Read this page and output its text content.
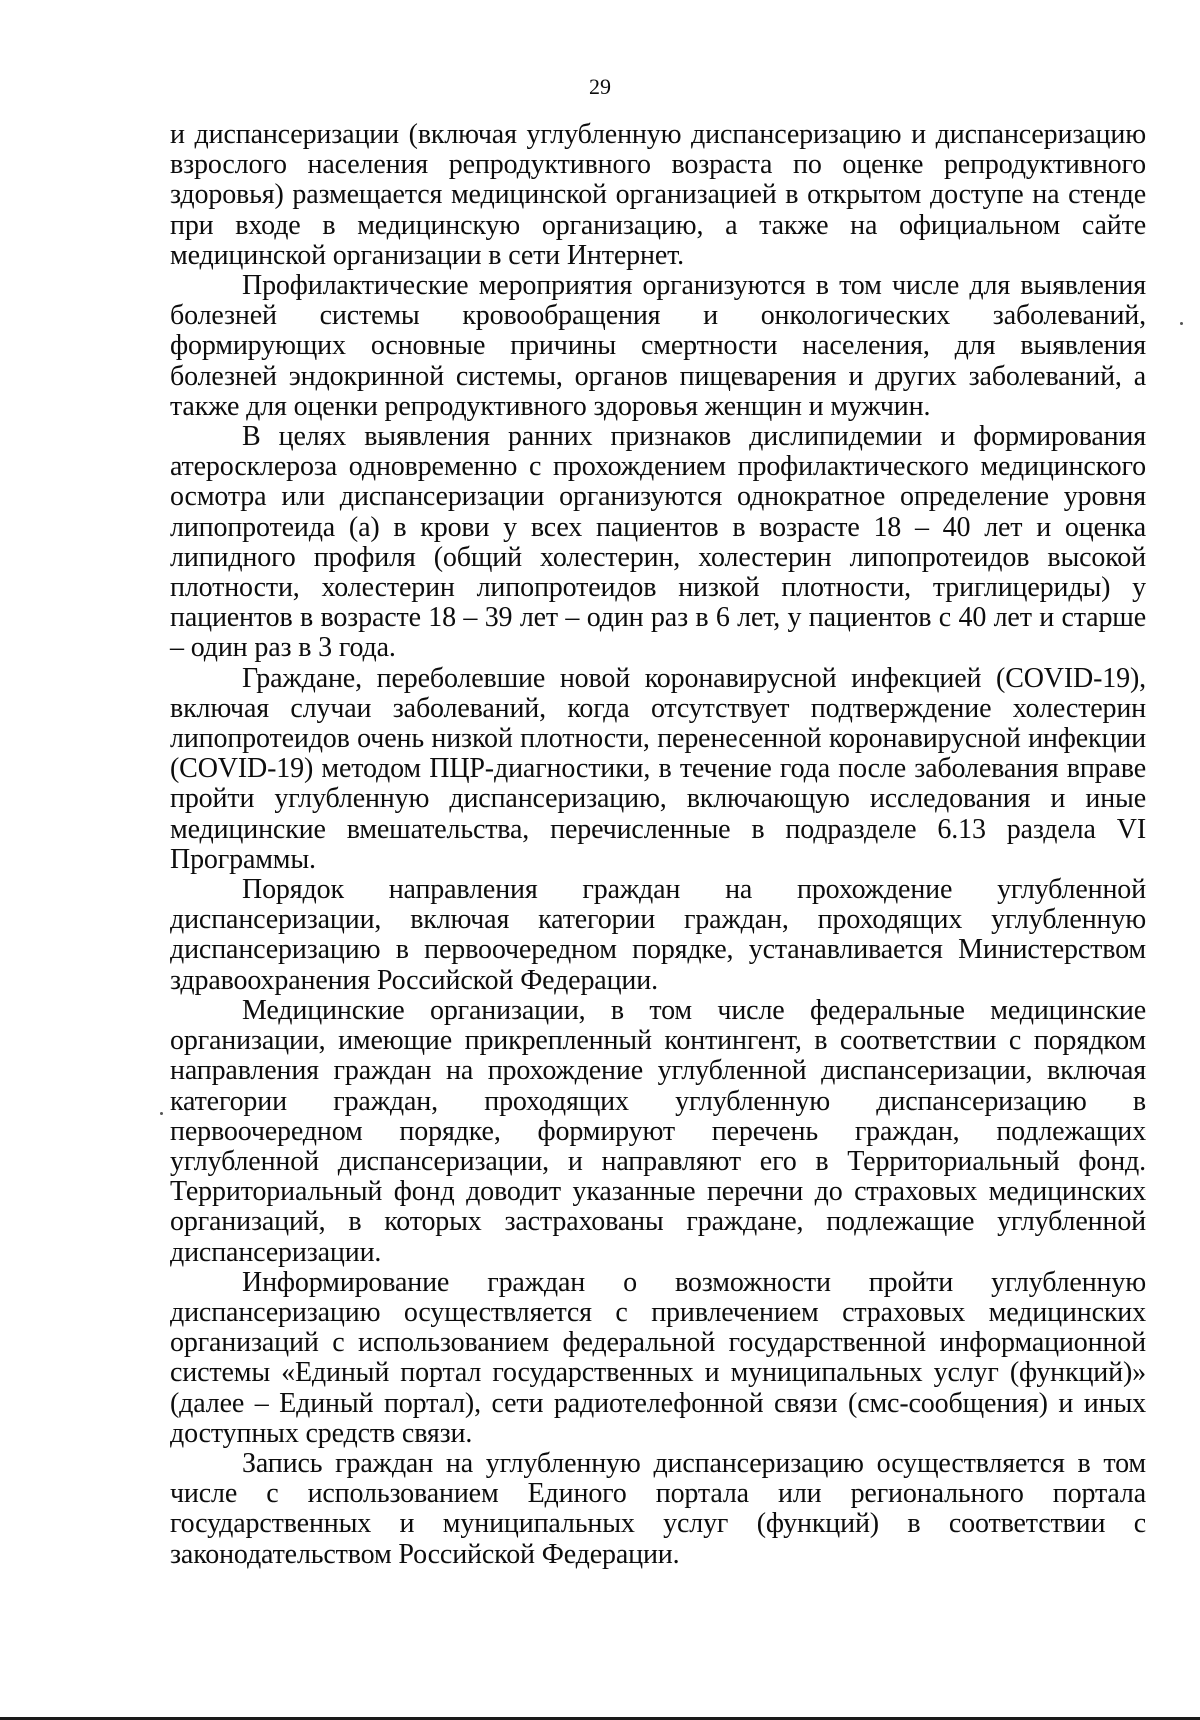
29

и диспансеризации (включая углубленную диспансеризацию и диспансеризацию взрослого населения репродуктивного возраста по оценке репродуктивного здоровья) размещается медицинской организацией в открытом доступе на стенде при входе в медицинскую организацию, а также на официальном сайте медицинской организации в сети Интернет.

Профилактические мероприятия организуются в том числе для выявления болезней системы кровообращения и онкологических заболеваний, формирующих основные причины смертности населения, для выявления болезней эндокринной системы, органов пищеварения и других заболеваний, а также для оценки репродуктивного здоровья женщин и мужчин.

В целях выявления ранних признаков дислипидемии и формирования атеросклероза одновременно с прохождением профилактического медицинского осмотра или диспансеризации организуются однократное определение уровня липопротеида (а) в крови у всех пациентов в возрасте 18 – 40 лет и оценка липидного профиля (общий холестерин, холестерин липопротеидов высокой плотности, холестерин липопротеидов низкой плотности, триглицериды) у пациентов в возрасте 18 – 39 лет – один раз в 6 лет, у пациентов с 40 лет и старше – один раз в 3 года.

Граждане, переболевшие новой коронавирусной инфекцией (COVID-19), включая случаи заболеваний, когда отсутствует подтверждение холестерин липопротеидов очень низкой плотности, перенесенной коронавирусной инфекции (COVID-19) методом ПЦР-диагностики, в течение года после заболевания вправе пройти углубленную диспансеризацию, включающую исследования и иные медицинские вмешательства, перечисленные в подразделе 6.13 раздела VI Программы.

Порядок направления граждан на прохождение углубленной диспансеризации, включая категории граждан, проходящих углубленную диспансеризацию в первоочередном порядке, устанавливается Министерством здравоохранения Российской Федерации.

Медицинские организации, в том числе федеральные медицинские организации, имеющие прикрепленный контингент, в соответствии с порядком направления граждан на прохождение углубленной диспансеризации, включая категории граждан, проходящих углубленную диспансеризацию в первоочередном порядке, формируют перечень граждан, подлежащих углубленной диспансеризации, и направляют его в Территориальный фонд. Территориальный фонд доводит указанные перечни до страховых медицинских организаций, в которых застрахованы граждане, подлежащие углубленной диспансеризации.

Информирование граждан о возможности пройти углубленную диспансеризацию осуществляется с привлечением страховых медицинских организаций с использованием федеральной государственной информационной системы «Единый портал государственных и муниципальных услуг (функций)» (далее – Единый портал), сети радиотелефонной связи (смс-сообщения) и иных доступных средств связи.

Запись граждан на углубленную диспансеризацию осуществляется в том числе с использованием Единого портала или регионального портала государственных и муниципальных услуг (функций) в соответствии с законодательством Российской Федерации.
